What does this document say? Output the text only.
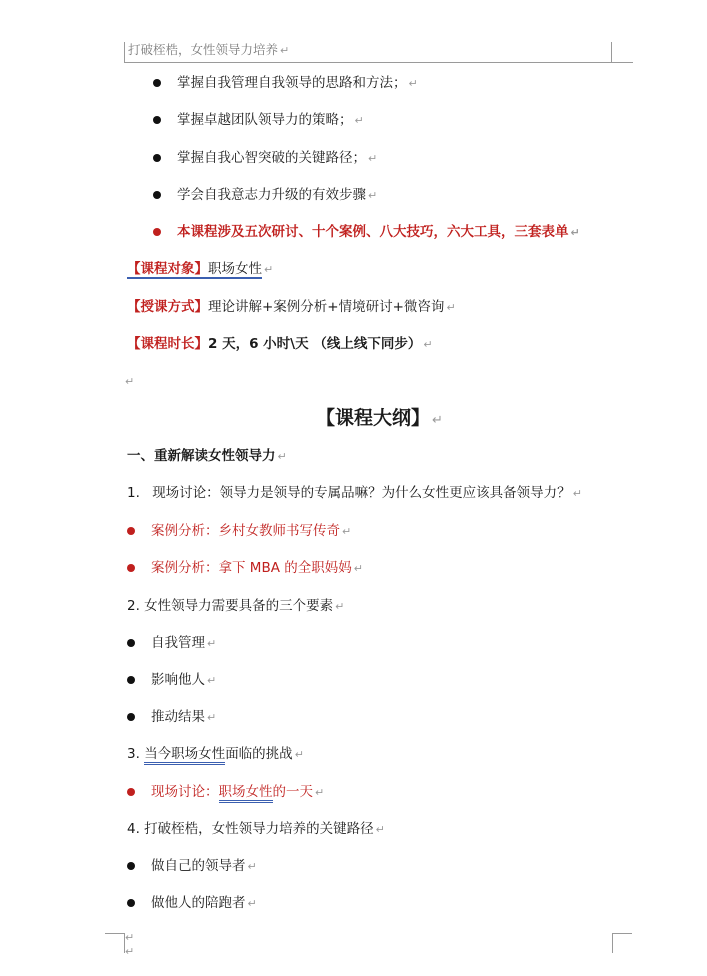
打破桎梏，女性领导力培养 ↵
掌握自我管理自我领导的思路和方法； ↵
掌握卓越团队领导力的策略； ↵
掌握自我心智突破的关键路径； ↵
学会自我意志力升级的有效步骤 ↵
本课程涉及五次研讨、十个案例、八大技巧，六大工具，三套表单 ↵
【课程对象】职场女性 ↵
【授课方式】理论讲解+案例分析+情境研讨+微咨询 ↵
【课程时长】2 天，6 小时\天 （线上线下同步） ↵
↵
【课程大纲】 ↵
一、重新解读女性领导力 ↵
1. 现场讨论：领导力是领导的专属品嘛？为什么女性更应该具备领导力？ ↵
案例分析：乡村女教师书写传奇 ↵
案例分析：拿下 MBA 的全职妈妈 ↵
2. 女性领导力需要具备的三个要素 ↵
自我管理 ↵
影响他人 ↵
推动结果 ↵
3. 当今职场女性面临的挑战 ↵
现场讨论：职场女性的一天 ↵
4. 打破桎梏，女性领导力培养的关键路径 ↵
做自己的领导者 ↵
做他人的陪跑者 ↵
↵
↵
